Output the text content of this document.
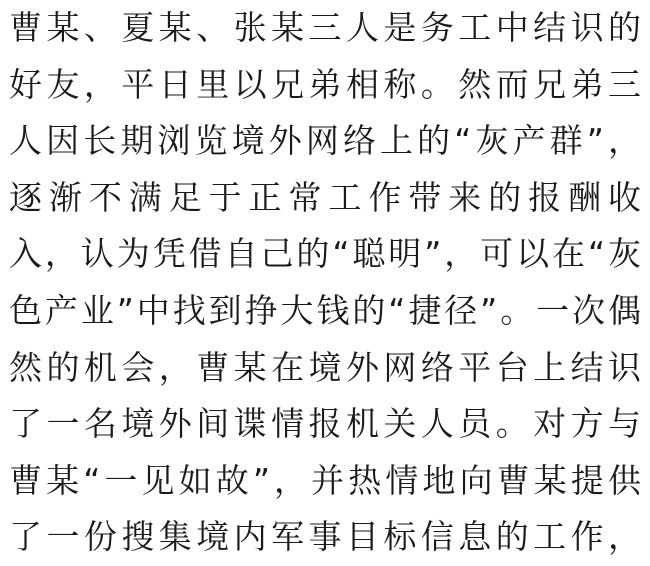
曹某、夏某、张某三人是务工中结识的
好友，平日里以兄弟相称。然而兄弟三
人因长期浏览境外网络上的“灰产群”，
逐渐不满足于正常工作带来的报酬收
入，认为凭借自己的“聪明”，可以在“灰
色产业”中找到挣大钱的“捷径”。一次偶
然的机会，曹某在境外网络平台上结识
了一名境外间谍情报机关人员。对方与
曹某“一见如故”，并热情地向曹某提供
了一份搜集境内军事目标信息的工作，
